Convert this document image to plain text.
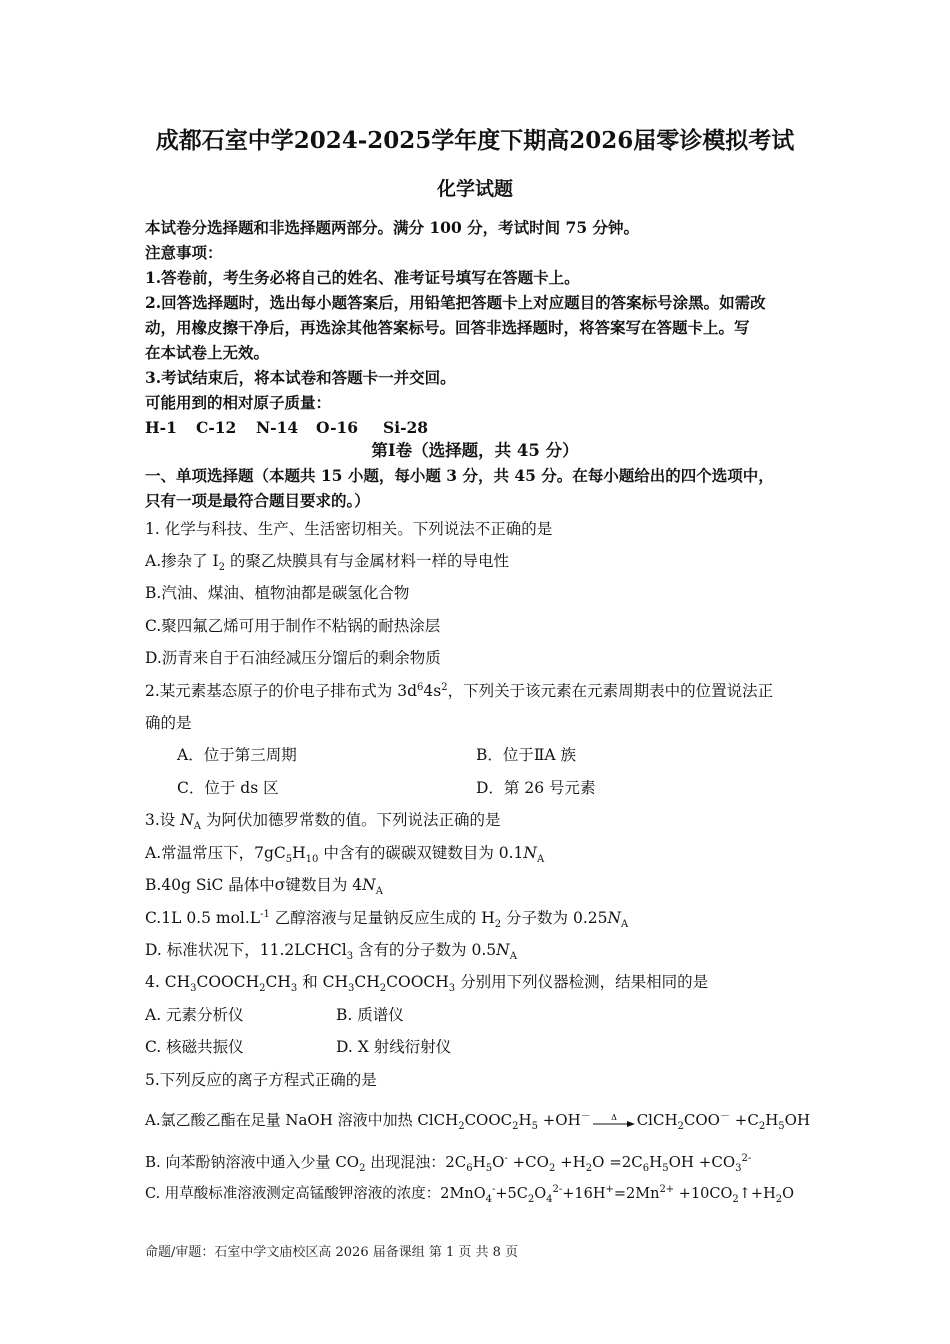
成都石室中学2024-2025学年度下期高2026届零诊模拟考试
化学试题
本试卷分选择题和非选择题两部分。满分 100 分，考试时间 75 分钟。
注意事项：
1.答卷前，考生务必将自己的姓名、准考证号填写在答题卡上。
2.回答选择题时，选出每小题答案后，用铅笔把答题卡上对应题目的答案标号涂黑。如需改
动，用橡皮擦干净后，再选涂其他答案标号。回答非选择题时，将答案写在答题卡上。写
在本试卷上无效。
3.考试结束后，将本试卷和答题卡一并交回。
可能用到的相对原子质量：
H-1 C-12 N-14 O-16 Si-28
第Ⅰ卷（选择题，共 45 分）
一、单项选择题（本题共 15 小题，每小题 3 分，共 45 分。在每小题给出的四个选项中，
只有一项是最符合题目要求的。）
1. 化学与科技、生产、生活密切相关。下列说法不正确的是
A.掺杂了 $I_2$ 的聚乙炔膜具有与金属材料一样的导电性
B.汽油、煤油、植物油都是碳氢化合物
C.聚四氟乙烯可用于制作不粘锅的耐热涂层
D.沥青来自于石油经减压分馏后的剩余物质
2.某元素基态原子的价电子排布式为 $3d^64s^2$，下列关于该元素在元素周期表中的位置说法正
确的是
A．位于第三周期	B．位于ⅡA 族
C．位于 ds 区	D．第 26 号元素
3.设 $N_A$ 为阿伏加德罗常数的值。下列说法正确的是
A.常温常压下，$7gC_5H_{10}$ 中含有的碳碳双键数目为 $0.1N_A$
B.40g SiC 晶体中σ键数目为 $4N_A$
C.1L 0.5 $mol.L^{-1}$ 乙醇溶液与足量钠反应生成的 $H_2$ 分子数为 $0.25N_A$
D. 标准状况下，11.2LCHCl$_3$ 含有的分子数为 $0.5N_A$
4. $CH_3COOCH_2CH_3$ 和 $CH_3CH_2COOCH_3$ 分别用下列仪器检测，结果相同的是
A. 元素分析仪	B. 质谱仪
C. 核磁共振仪	D. X 射线衍射仪
5.下列反应的离子方程式正确的是
A.氯乙酸乙酯在足量 NaOH 溶液中加热 $ClCH_2COOC_2H_5 +OH^-$	Δ ClCH$_2$COO－ $+C_2H_5OH$
B. 向苯酚钠溶液中通入少量 $CO_2$ 出现混浊：$2C_6H_5O^- +CO_2 +H_2O =2C_6H_5OH +CO_3^{2-}$
C. 用草酸标准溶液测定高锰酸钾溶液的浓度：$2MnO_4^-+5C_2O_4^{2-}+16H^+=2Mn^{2+}$ $+10CO_2↑+H_2O$
命题/审题：石室中学文庙校区高 2026 届备课组 第 1 页 共 8 页
